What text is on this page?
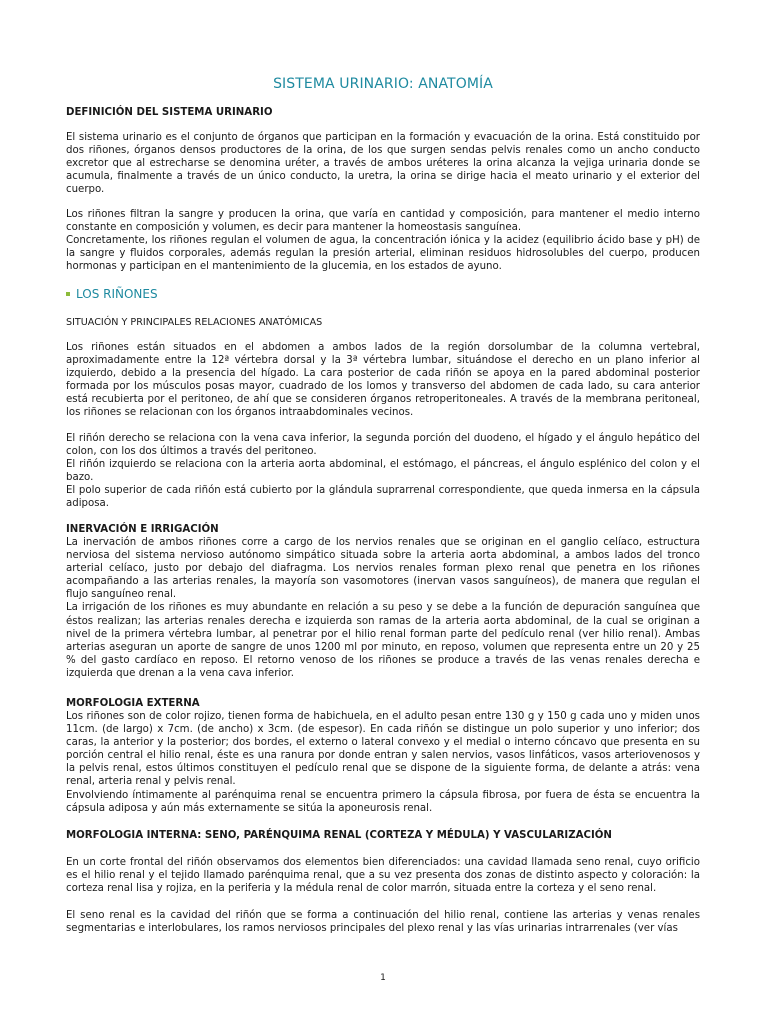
SISTEMA URINARIO: ANATOMÍA
DEFINICIÓN DEL SISTEMA URINARIO

El sistema urinario es el conjunto de órganos que participan en la formación y evacuación de la orina. Está constituido por dos riñones, órganos densos productores de la orina, de los que surgen sendas pelvis renales como un ancho conducto excretor que al estrecharse se denomina uréter, a través de ambos uréteres la orina alcanza la vejiga urinaria donde se acumula, finalmente a través de un único conducto, la uretra, la orina se dirige hacia el meato urinario y el exterior del cuerpo.

Los riñones filtran la sangre y producen la orina, que varía en cantidad y composición, para mantener el medio interno constante en composición y volumen, es decir para mantener la homeostasis sanguínea.

Concretamente, los riñones regulan el volumen de agua, la concentración iónica y la acidez (equilibrio ácido base y pH) de la sangre y fluidos corporales, además regulan la presión arterial, eliminan residuos hidrosolubles del cuerpo, producen hormonas y participan en el mantenimiento de la glucemia, en los estados de ayuno.

LOS RIÑONES
SITUACIÓN Y PRINCIPALES RELACIONES ANATÓMICAS

Los riñones están situados en el abdomen a ambos lados de la región dorsolumbar de la columna vertebral, aproximadamente entre la 12ª vértebra dorsal y la 3ª vértebra lumbar, situándose el derecho en un plano inferior al izquierdo, debido a la presencia del hígado. La cara posterior de cada riñón se apoya en la pared abdominal posterior formada por los músculos posas mayor, cuadrado de los lomos y transverso del abdomen de cada lado, su cara anterior está recubierta por el peritoneo, de ahí que se consideren órganos retroperitoneales. A través de la membrana peritoneal, los riñones se relacionan con los órganos intraabdominales vecinos.

El riñón derecho se relaciona con la vena cava inferior, la segunda porción del duodeno, el hígado y el ángulo hepático del colon, con los dos últimos a través del peritoneo.

El riñón izquierdo se relaciona con la arteria aorta abdominal, el estómago, el páncreas, el ángulo esplénico del colon y el bazo.

El polo superior de cada riñón está cubierto por la glándula suprarrenal correspondiente, que queda inmersa en la cápsula adiposa.

INERVACIÓN E IRRIGACIÓN

La inervación de ambos riñones corre a cargo de los nervios renales que se originan en el ganglio celíaco, estructura nerviosa del sistema nervioso autónomo simpático situada sobre la arteria aorta abdominal, a ambos lados del tronco arterial celíaco, justo por debajo del diafragma. Los nervios renales forman plexo renal que penetra en los riñones acompañando a las arterias renales, la mayoría son vasomotores (inervan vasos sanguíneos), de manera que regulan el flujo sanguíneo renal.

La irrigación de los riñones es muy abundante en relación a su peso y se debe a la función de depuración sanguínea que éstos realizan; las arterias renales derecha e izquierda son ramas de la arteria aorta abdominal, de la cual se originan a nivel de la primera vértebra lumbar, al penetrar por el hilio renal forman parte del pedículo renal (ver hilio renal). Ambas arterias aseguran un aporte de sangre de unos 1200 ml por minuto, en reposo, volumen que representa entre un 20 y 25 % del gasto cardíaco en reposo. El retorno venoso de los riñones se produce a través de las venas renales derecha e izquierda que drenan a la vena cava inferior.

MORFOLOGIA EXTERNA

Los riñones son de color rojizo, tienen forma de habichuela, en el adulto pesan entre 130 g y 150 g cada uno y miden unos 11cm. (de largo) x 7cm. (de ancho) x 3cm. (de espesor). En cada riñón se distingue un polo superior y uno inferior; dos caras, la anterior y la posterior; dos bordes, el externo o lateral convexo y el medial o interno cóncavo que presenta en su porción central el hilio renal, éste es una ranura por donde entran y salen nervios, vasos linfáticos, vasos arteriovenosos y la pelvis renal, estos últimos constituyen el pedículo renal que se dispone de la siguiente forma, de delante a atrás: vena renal, arteria renal y pelvis renal.

Envolviendo íntimamente al parénquima renal se encuentra primero la cápsula fibrosa, por fuera de ésta se encuentra la cápsula adiposa y aún más externamente se sitúa la aponeurosis renal.

MORFOLOGIA INTERNA: SENO, PARÉNQUIMA RENAL (CORTEZA Y MÉDULA) Y VASCULARIZACIÓN

En un corte frontal del riñón observamos dos elementos bien diferenciados: una cavidad llamada seno renal, cuyo orificio es el hilio renal y el tejido llamado parénquima renal, que a su vez presenta dos zonas de distinto aspecto y coloración: la corteza renal lisa y rojiza, en la periferia y la médula renal de color marrón, situada entre la corteza y el seno renal.

El seno renal es la cavidad del riñón que se forma a continuación del hilio renal, contiene las arterias y venas renales segmentarias e interlobulares, los ramos nerviosos principales del plexo renal y las vías urinarias intrarrenales (ver vías

1
